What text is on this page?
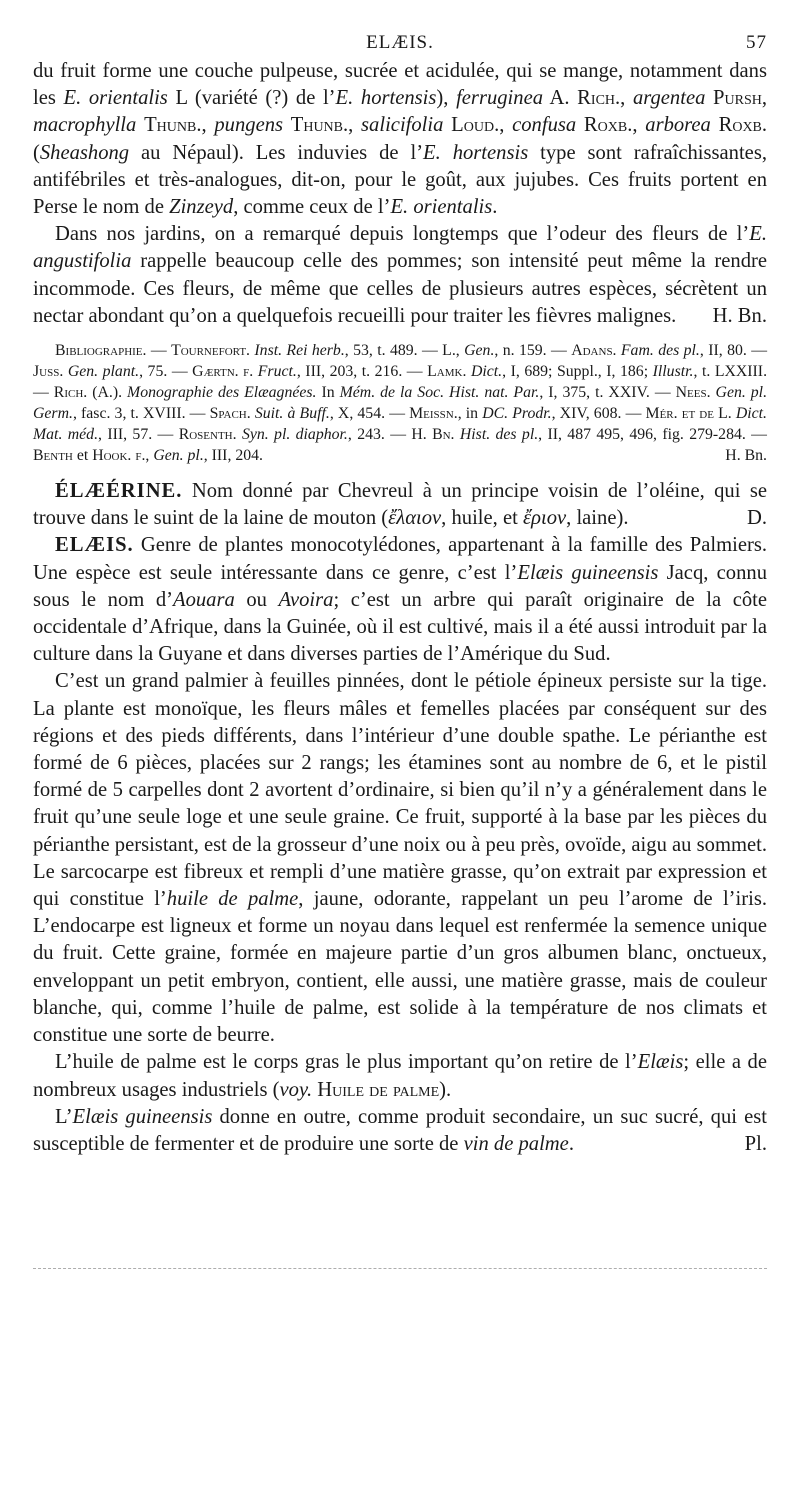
ELÆIS.	57

du fruit forme une couche pulpeuse, sucrée et acidulée, qui se mange, notamment dans les E. orientalis L (variété (?) de l’E. hortensis), ferruginea A. Rich., argentea Pursh, macrophylla Thunb., pungens Thunb., salicifolia Loud., confusa Roxb., arborea Roxb. (Sheashong au Népaul). Les induvies de l’E. hortensis type sont rafraîchissantes, antifébriles et très-analogues, dit-on, pour le goût, aux jujubes. Ces fruits portent en Perse le nom de Zinzeyd, comme ceux de l’E. orientalis.

Dans nos jardins, on a remarqué depuis longtemps que l’odeur des fleurs de l’E. angustifolia rappelle beaucoup celle des pommes; son intensité peut même la rendre incommode. Ces fleurs, de même que celles de plusieurs autres espèces, sécrètent un nectar abondant qu’on a quelquefois recueilli pour traiter les fièvres malignes.	H. Bn.

Bibliographie. — Tournefort. Inst. Rei herb., 53, t. 489. — L., Gen., n. 159. — Adans. Fam. des pl., II, 80. — Juss. Gen. plant., 75. — Gærtn. f. Fruct., III, 203, t. 216. — Lamk. Dict., I, 689; Suppl., I, 186; Illustr., t. LXXIII. — Rich. (A.). Monographie des Elæagnées. In Mém. de la Soc. Hist. nat. Par., I, 375, t. XXIV. — Nees. Gen. pl. Germ., fasc. 3, t. XVIII. — Spach. Suit. à Buff., X, 454. — Meissn., in DC. Prodr., XIV, 608. — Mér. et de L. Dict. Mat. méd., III, 57. — Rosenth. Syn. pl. diaphor., 243. — H. Bn. Hist. des pl., II, 487 495, 496, fig. 279-284. — Benth et Hook. f., Gen. pl., III, 204.	H. Bn.

ÉLÆÉRINE. Nom donné par Chevreul à un principe voisin de l’oléine, qui se trouve dans le suint de la laine de mouton (ἔλαιον, huile, et ἔριον, laine).	D.

ELÆIS. Genre de plantes monocotylédones, appartenant à la famille des Palmiers. Une espèce est seule intéressante dans ce genre, c’est l’Elæis guineensis Jacq, connu sous le nom d’Aouara ou Avoira; c’est un arbre qui paraît originaire de la côte occidentale d’Afrique, dans la Guinée, où il est cultivé, mais il a été aussi introduit par la culture dans la Guyane et dans diverses parties de l’Amérique du Sud.

C’est un grand palmier à feuilles pinnées, dont le pétiole épineux persiste sur la tige. La plante est monoïque, les fleurs mâles et femelles placées par conséquent sur des régions et des pieds différents, dans l’intérieur d’une double spathe. Le périanthe est formé de 6 pièces, placées sur 2 rangs; les étamines sont au nombre de 6, et le pistil formé de 5 carpelles dont 2 avortent d’ordinaire, si bien qu’il n’y a généralement dans le fruit qu’une seule loge et une seule graine. Ce fruit, supporté à la base par les pièces du périanthe persistant, est de la grosseur d’une noix ou à peu près, ovoïde, aigu au sommet. Le sarcocarpe est fibreux et rempli d’une matière grasse, qu’on extrait par expression et qui constitue l’huile de palme, jaune, odorante, rappelant un peu l’arome de l’iris. L’endocarpe est ligneux et forme un noyau dans lequel est renfermée la semence unique du fruit. Cette graine, formée en majeure partie d’un gros albumen blanc, onctueux, enveloppant un petit embryon, contient, elle aussi, une matière grasse, mais de couleur blanche, qui, comme l’huile de palme, est solide à la température de nos climats et constitue une sorte de beurre.

L’huile de palme est le corps gras le plus important qu’on retire de l’Elæis; elle a de nombreux usages industriels (voy. Huile de palme).

L’Elæis guineensis donne en outre, comme produit secondaire, un suc sucré, qui est susceptible de fermenter et de produire une sorte de vin de palme.	Pl.
